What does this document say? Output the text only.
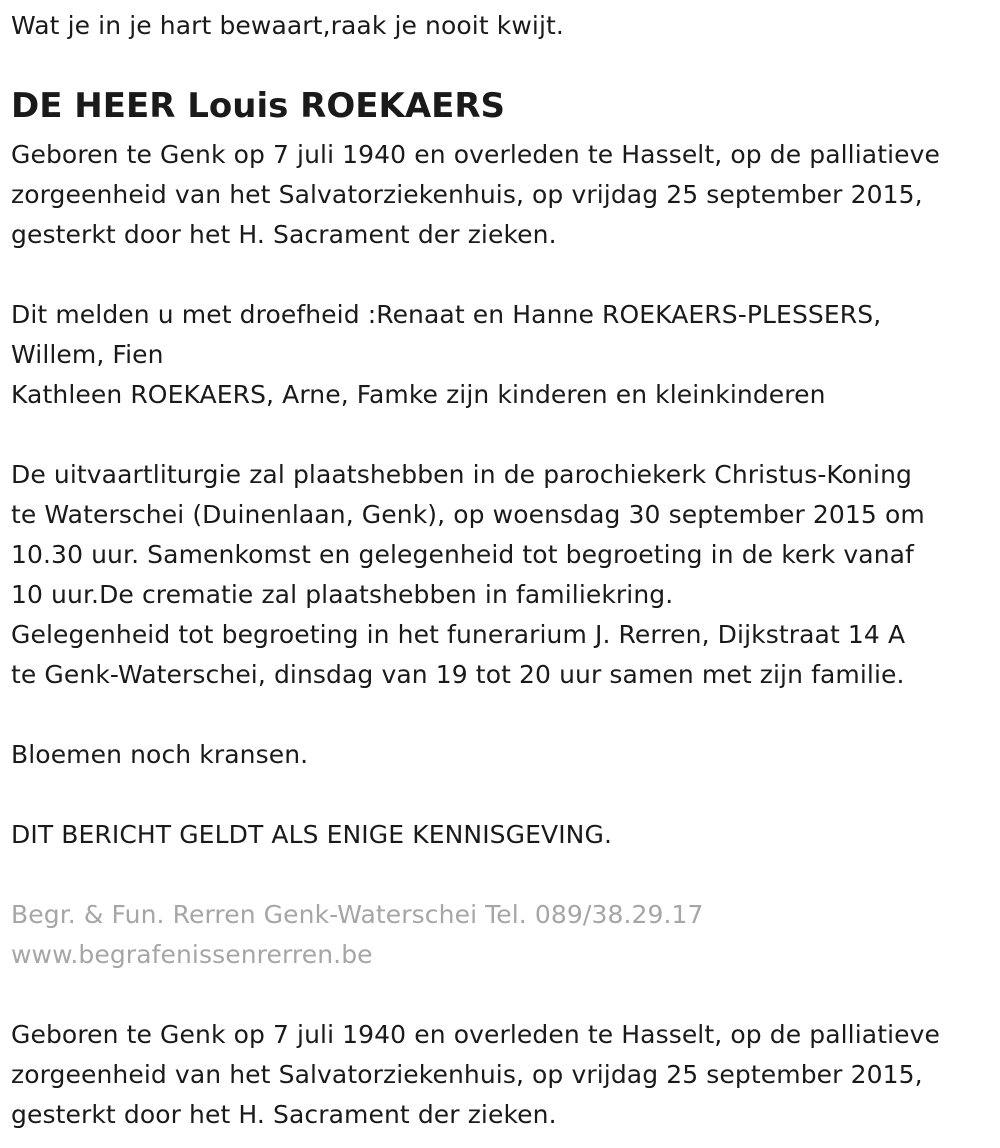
Wat je in je hart bewaart,raak je nooit kwijt.
DE HEER Louis ROEKAERS
Geboren te Genk op 7 juli 1940 en overleden te Hasselt, op de palliatieve
zorgeenheid van het Salvatorziekenhuis, op vrijdag 25 september 2015,
gesterkt door het H. Sacrament der zieken.
Dit melden u met droefheid :Renaat en Hanne ROEKAERS-PLESSERS,
Willem, Fien
Kathleen ROEKAERS, Arne, Famke zijn kinderen en kleinkinderen
De uitvaartliturgie zal plaatshebben in de parochiekerk Christus-Koning
te Waterschei (Duinenlaan, Genk), op woensdag 30 september 2015 om
10.30 uur. Samenkomst en gelegenheid tot begroeting in de kerk vanaf
10 uur.De crematie zal plaatshebben in familiekring.
Gelegenheid tot begroeting in het funerarium J. Rerren, Dijkstraat 14 A
te Genk-Waterschei, dinsdag van 19 tot 20 uur samen met zijn familie.
Bloemen noch kransen.
DIT BERICHT GELDT ALS ENIGE KENNISGEVING.
Begr. & Fun. Rerren Genk-Waterschei Tel. 089/38.29.17
www.begrafenissenrerren.be
Geboren te Genk op 7 juli 1940 en overleden te Hasselt, op de palliatieve
zorgeenheid van het Salvatorziekenhuis, op vrijdag 25 september 2015,
gesterkt door het H. Sacrament der zieken.
